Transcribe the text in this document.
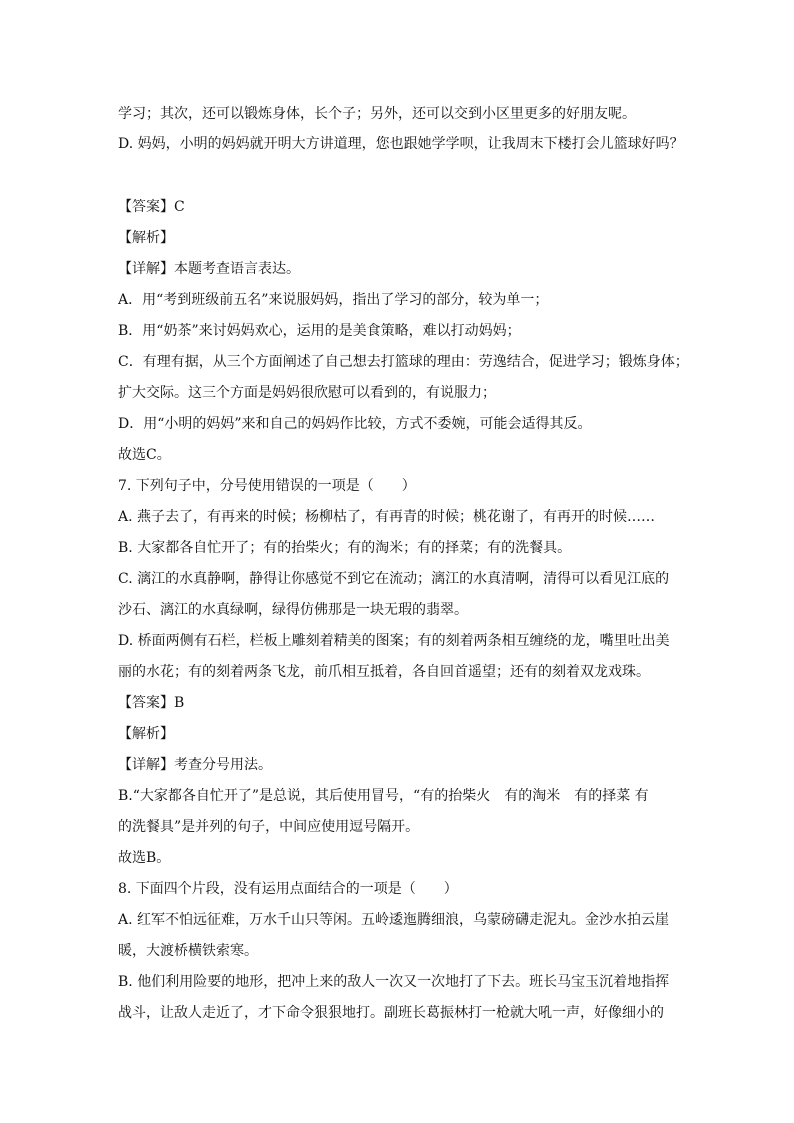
学习；其次，还可以锻炼身体，长个子；另外，还可以交到小区里更多的好朋友呢。
D. 妈妈，小明的妈妈就开明大方讲道理，您也跟她学学呗，让我周末下楼打会儿篮球好吗？
【答案】C
【解析】
【详解】本题考查语言表达。
A．用“考到班级前五名”来说服妈妈，指出了学习的部分，较为单一；
B．用“奶茶”来讨妈妈欢心，运用的是美食策略，难以打动妈妈；
C．有理有据，从三个方面阐述了自己想去打篮球的理由：劳逸结合，促进学习；锻炼身体；
扩大交际。这三个方面是妈妈很欣慰可以看到的，有说服力；
D．用“小明的妈妈”来和自己的妈妈作比较，方式不委婉，可能会适得其反。
故选C。
7. 下列句子中，分号使用错误的一项是（　　）
A. 燕子去了，有再来的时候；杨柳枯了，有再青的时候；桃花谢了，有再开的时候……
B. 大家都各自忙开了；有的抬柴火；有的淘米；有的择菜；有的洗餐具。
C. 漓江的水真静啊，静得让你感觉不到它在流动；漓江的水真清啊，清得可以看见江底的
沙石、漓江的水真绿啊，绿得仿佛那是一块无瑕的翡翠。
D. 桥面两侧有石栏，栏板上雕刻着精美的图案；有的刻着两条相互缠绕的龙，嘴里吐出美
丽的水花；有的刻着两条飞龙，前爪相互抵着，各自回首遥望；还有的刻着双龙戏珠。
【答案】B
【解析】
【详解】考查分号用法。
B.“大家都各自忙开了”是总说，其后使用冒号，“有的抬柴火　有的淘米　有的择菜 有
的洗餐具”是并列的句子，中间应使用逗号隔开。
故选B。
8. 下面四个片段，没有运用点面结合的一项是（　　）
A. 红军不怕远征难，万水千山只等闲。五岭逶迤腾细浪，乌蒙磅礴走泥丸。金沙水拍云崖
暖，大渡桥横铁索寒。
B. 他们利用险要的地形，把冲上来的敌人一次又一次地打了下去。班长马宝玉沉着地指挥
战斗，让敌人走近了，才下命令狠狠地打。副班长葛振林打一枪就大吼一声，好像细小的
